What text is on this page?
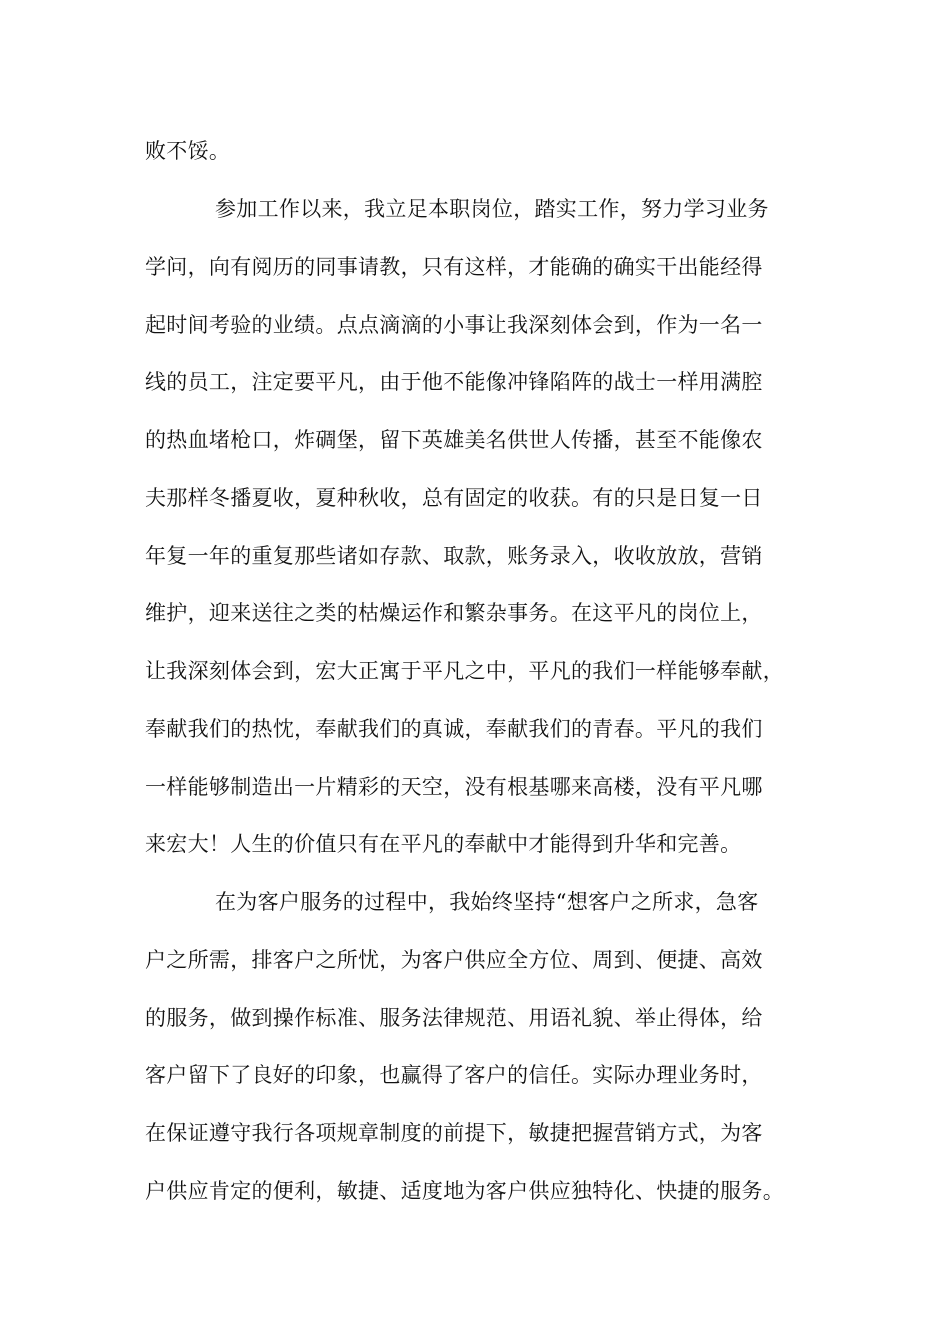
败不馁。
参加工作以来，我立足本职岗位，踏实工作，努力学习业务
学问，向有阅历的同事请教，只有这样，才能确的确实干出能经得
起时间考验的业绩。点点滴滴的小事让我深刻体会到，作为一名一
线的员工，注定要平凡，由于他不能像冲锋陷阵的战士一样用满腔
的热血堵枪口，炸碉堡，留下英雄美名供世人传播，甚至不能像农
夫那样冬播夏收，夏种秋收，总有固定的收获。有的只是日复一日
年复一年的重复那些诸如存款、取款，账务录入，收收放放，营销
维护，迎来送往之类的枯燥运作和繁杂事务。在这平凡的岗位上，
让我深刻体会到，宏大正寓于平凡之中，平凡的我们一样能够奉献，
奉献我们的热忱，奉献我们的真诚，奉献我们的青春。平凡的我们
一样能够制造出一片精彩的天空，没有根基哪来高楼，没有平凡哪
来宏大！人生的价值只有在平凡的奉献中才能得到升华和完善。
在为客户服务的过程中，我始终坚持“想客户之所求，急客
户之所需，排客户之所忧，为客户供应全方位、周到、便捷、高效
的服务，做到操作标准、服务法律规范、用语礼貌、举止得体，给
客户留下了良好的印象，也赢得了客户的信任。实际办理业务时，
在保证遵守我行各项规章制度的前提下，敏捷把握营销方式，为客
户供应肯定的便利，敏捷、适度地为客户供应独特化、快捷的服务。
